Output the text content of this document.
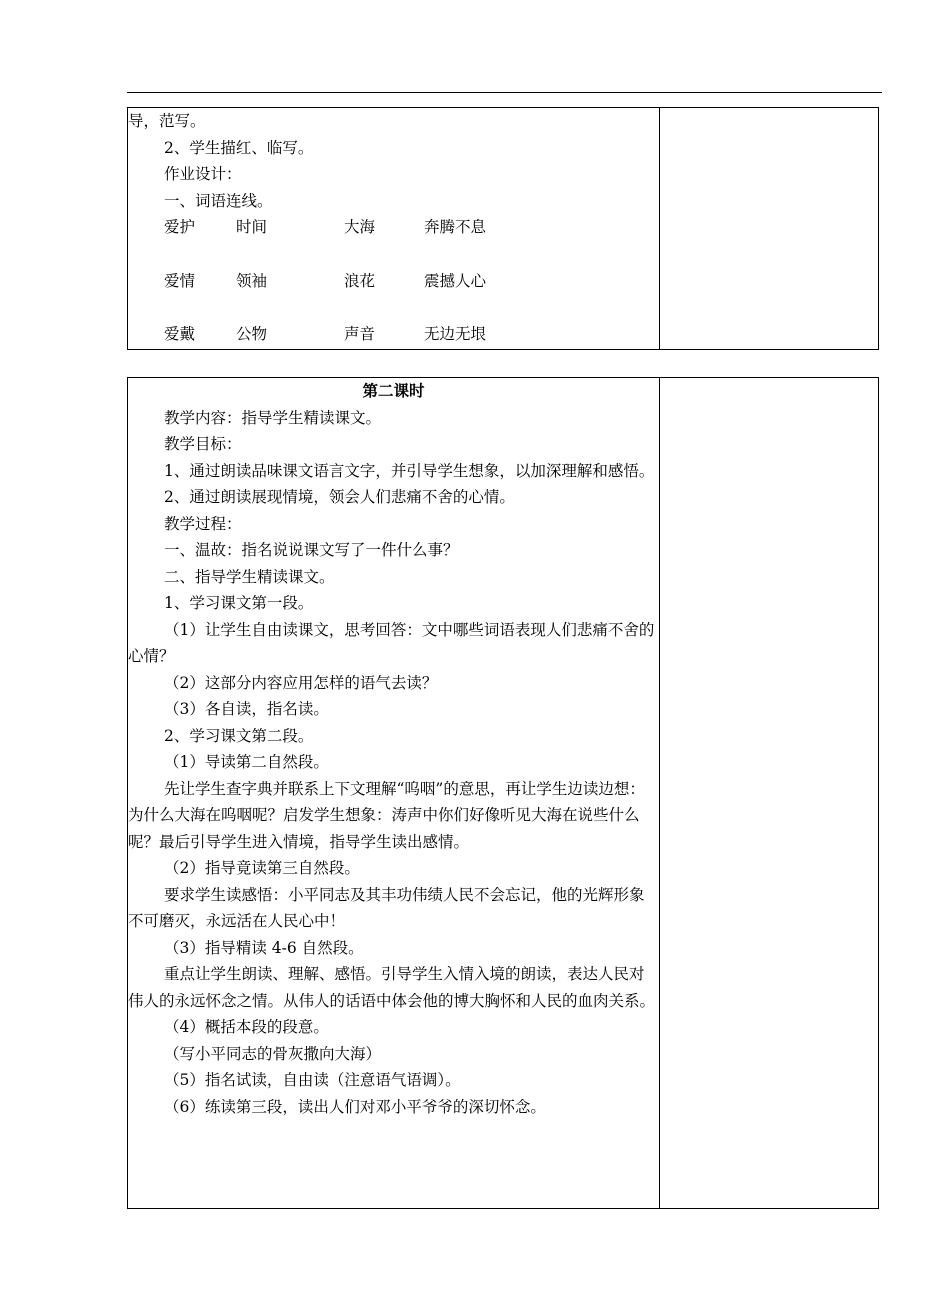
导，范写。
2、学生描红、临写。
作业设计：
一、词语连线。
爱护	时间	大海	奔腾不息
爱情	领袖	浪花	震撼人心
爱戴	公物	声音	无边无垠

第二课时
教学内容：指导学生精读课文。
教学目标：
1、通过朗读品味课文语言文字，并引导学生想象，以加深理解和感悟。
2、通过朗读展现情境，领会人们悲痛不舍的心情。
教学过程：
一、温故：指名说说课文写了一件什么事？
二、指导学生精读课文。
1、学习课文第一段。
（1）让学生自由读课文，思考回答：文中哪些词语表现人们悲痛不舍的心情？
（2）这部分内容应用怎样的语气去读？
（3）各自读，指名读。
2、学习课文第二段。
（1）导读第二自然段。
先让学生查字典并联系上下文理解“呜咽”的意思，再让学生边读边想：为什么大海在呜咽呢？启发学生想象：涛声中你们好像听见大海在说些什么呢？最后引导学生进入情境，指导学生读出感情。
（2）指导竟读第三自然段。
要求学生读感悟：小平同志及其丰功伟绩人民不会忘记，他的光辉形象不可磨灭，永远活在人民心中！
（3）指导精读 4-6 自然段。
重点让学生朗读、理解、感悟。引导学生入情入境的朗读，表达人民对伟人的永远怀念之情。从伟人的话语中体会他的博大胸怀和人民的血肉关系。
（4）概括本段的段意。
（写小平同志的骨灰撒向大海）
（5）指名试读，自由读（注意语气语调）。
（6）练读第三段，读出人们对邓小平爷爷的深切怀念。
